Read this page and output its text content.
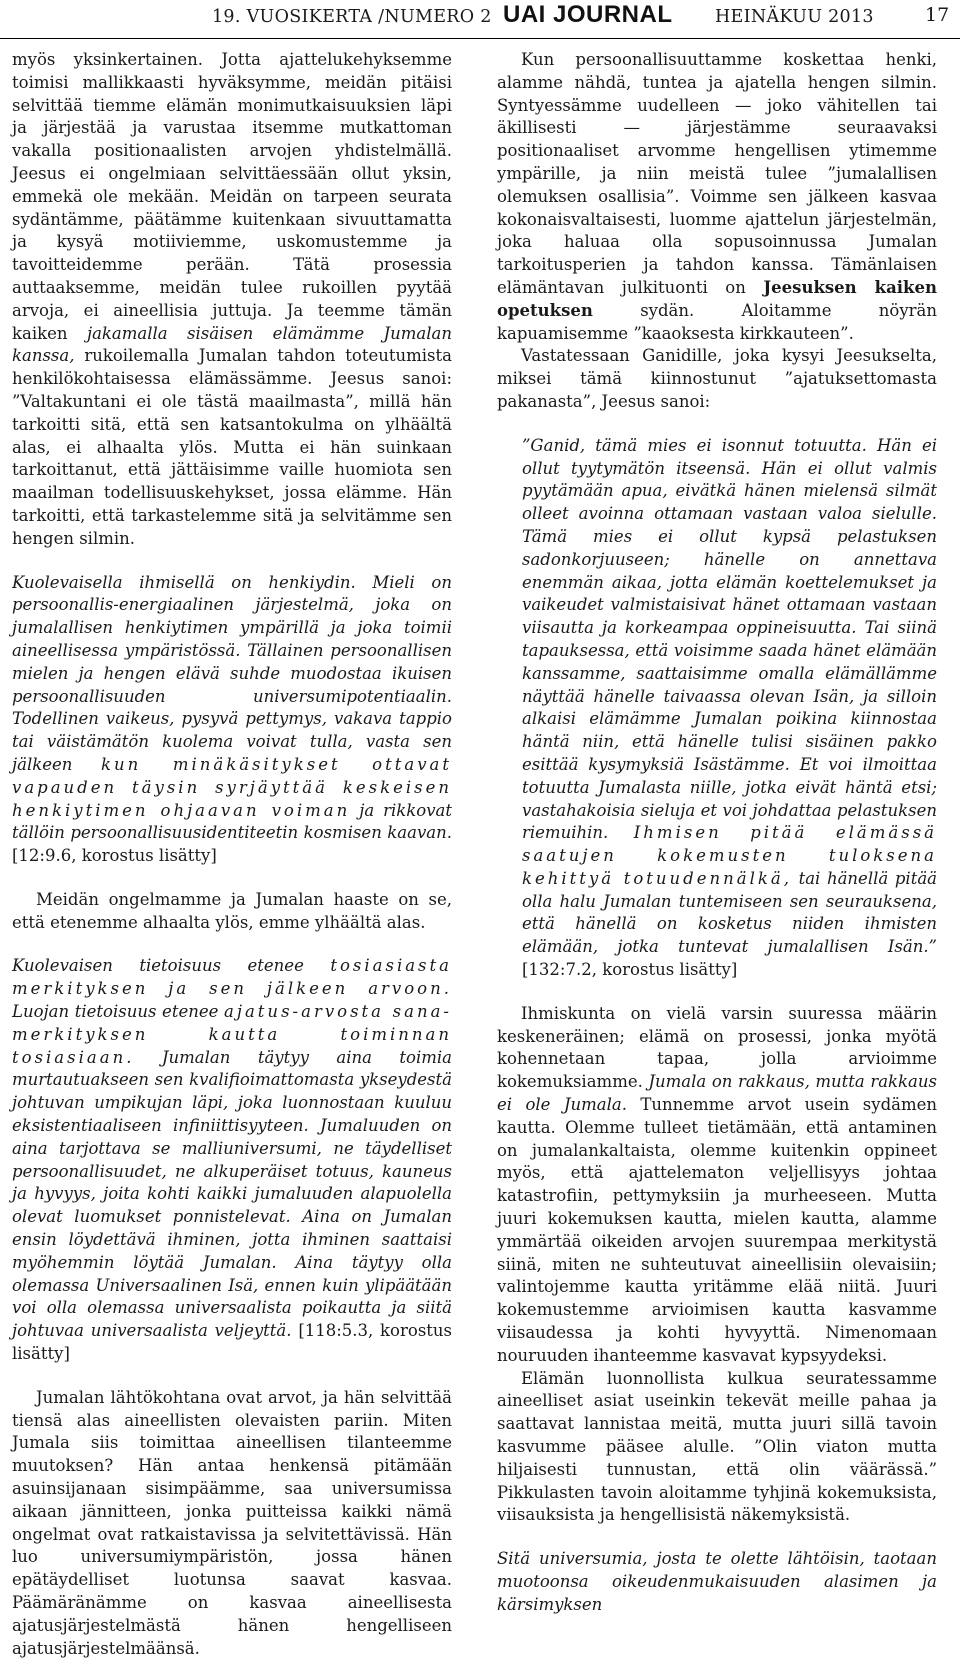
19. VUOSIKERTA /NUMERO 2 UAI JOURNAL HEINÄKUU 2013	17

myös yksinkertainen. Jotta ajattelukehyksemme toimisi mallikkaasti hyväksymme, meidän pitäisi selvittää tiemme elämän monimutkaisuuksien läpi ja järjestää ja varustaa itsemme mutkattoman vakalla positionaalisten arvojen yhdistelmällä. Jeesus ei ongelmiaan selvittäessään ollut yksin, emmekä ole mekään. Meidän on tarpeen seurata sydäntämme, päätämme kuitenkaan sivuuttamatta ja kysyä motiiviemme, uskomustemme ja tavoitteidemme perään. Tätä prosessia auttaaksemme, meidän tulee rukoillen pyytää arvoja, ei aineellisia juttuja. Ja teemme tämän kaiken jakamalla sisäisen elämämme Jumalan kanssa, rukoilemalla Jumalan tahdon toteutumista henkilökohtaisessa elämässämme. Jeesus sanoi: ”Valtakuntani ei ole tästä maailmasta”, millä hän tarkoitti sitä, että sen katsantokulma on ylhäältä alas, ei alhaalta ylös. Mutta ei hän suinkaan tarkoittanut, että jättäisimme vaille huomiota sen maailman todellisuuskehykset, jossa elämme. Hän tarkoitti, että tarkastelemme sitä ja selvitämme sen hengen silmin.

Kuolevaisella ihmisellä on henkiydin. Mieli on persoonallis-energiaalinen järjestelmä, joka on jumalallisen henkiytimen ympärillä ja joka toimii aineellisessa ympäristössä. Tällainen persoonallisen mielen ja hengen elävä suhde muodostaa ikuisen persoonallisuuden universumipotentiaalin. Todellinen vaikeus, pysyvä pettymys, vakava tappio tai väistämätön kuolema voivat tulla, vasta sen jälkeen kun minäkäsitykset ottavat vapauden täysin syrjäyttää keskeisen henkiytimen ohjaavan voiman ja rikkovat tällöin persoonallisuusidentiteetin kosmisen kaavan. [12:9.6, korostus lisätty]

Meidän ongelmamme ja Jumalan haaste on se, että etenemme alhaalta ylös, emme ylhäältä alas.

Kuolevaisen tietoisuus etenee tosiasiasta merkityksen ja sen jälkeen arvoon. Luojan tietoisuus etenee ajatus-arvosta sana-merkityksen kautta toiminnan tosiasiaan. Jumalan täytyy aina toimia murtautuakseen sen kvalifioimattomasta ykseydestä johtuvan umpikujan läpi, joka luonnostaan kuuluu eksistentiaaliseen infiniittisyyteen. Jumaluuden on aina tarjottava se malliuniversumi, ne täydelliset persoonallisuudet, ne alkuperäiset totuus, kauneus ja hyvyys, joita kohti kaikki jumaluuden alapuolella olevat luomukset ponnistelevat. Aina on Jumalan ensin löydettävä ihminen, jotta ihminen saattaisi myöhemmin löytää Jumalan. Aina täytyy olla olemassa Universaalinen Isä, ennen kuin ylipäätään voi olla olemassa universaalista poikautta ja siitä johtuvaa universaalista veljeyttä. [118:5.3, korostus lisätty]

Jumalan lähtökohtana ovat arvot, ja hän selvittää tiensä alas aineellisten olevaisten pariin. Miten Jumala siis toimittaa aineellisen tilanteemme muutoksen? Hän antaa henkensä pitämään asuinsijanaan sisimpäämme, saa universumissa aikaan jännitteen, jonka puitteissa kaikki nämä ongelmat ovat ratkaistavissa ja selvitettävissä. Hän luo universumiympäristön, jossa hänen epätäydelliset luotunsa saavat kasvaa. Päämäränämme on kasvaa aineellisesta ajatusjärjestelmästä hänen hengelliseen ajatusjärjestelmäänsä.

Kun persoonallisuuttamme koskettaa henki, alamme nähdä, tuntea ja ajatella hengen silmin. Syntyessämme uudelleen — joko vähitellen tai äkillisesti — järjestämme seuraavaksi positionaaliset arvomme hengellisen ytimemme ympärille, ja niin meistä tulee ”jumalallisen olemuksen osallisia”. Voimme sen jälkeen kasvaa kokonaisvaltaisesti, luomme ajattelun järjestelmän, joka haluaa olla sopusoinnussa Jumalan tarkoitusperien ja tahdon kanssa. Tämänlaisen elämäntavan julkituonti on Jeesuksen kaiken opetuksen	sydän. Aloitamme nöyrän kapuamisemme ”kaaoksesta kirkkauteen”.

Vastatessaan Ganidille, joka kysyi Jeesukselta, miksei tämä kiinnostunut ”ajatuksettomasta pakanasta”, Jeesus sanoi:

”Ganid, tämä mies ei isonnut totuutta. Hän ei ollut tyytymätön itseensä. Hän ei ollut valmis pyytämään apua, eivätkä hänen mielensä silmät olleet avoinna ottamaan vastaan valoa sielulle. Tämä mies ei ollut kypsä pelastuksen sadonkorjuuseen; hänelle on annettava enemmän aikaa, jotta elämän koettelemukset ja vaikeudet valmistaisivat hänet ottamaan vastaan viisautta ja korkeampaa oppineisuutta. Tai siinä tapauksessa, että voisimme saada hänet elämään kanssamme, saattaisimme omalla elämällämme näyttää hänelle taivaassa olevan Isän, ja silloin alkaisi elämämme Jumalan poikina kiinnostaa häntä niin, että hänelle tulisi sisäinen pakko esittää kysymyksiä Isästämme. Et voi ilmoittaa totuutta Jumalasta niille, jotka eivät häntä etsi; vastahakoisia sieluja et voi johdattaa pelastuksen riemuihin. Ihmisen pitää elämässä saatujen kokemusten tuloksena kehittyä totuudennälkä, tai hänellä pitää olla halu Jumalan tuntemiseen sen seurauksena, että hänellä on kosketus niiden ihmisten elämään, jotka tuntevat jumalallisen Isän.” [132:7.2, korostus lisätty]

Ihmiskunta on vielä varsin suuressa määrin keskeneräinen; elämä on prosessi, jonka myötä kohennetaan tapaa, jolla arvioimme kokemuksiamme. Jumala on rakkaus, mutta rakkaus ei ole Jumala. Tunnemme arvot usein sydämen kautta. Olemme tulleet tietämään, että antaminen on jumalankaltaista, olemme kuitenkin oppineet myös, että ajattelematon veljellisyys johtaa katastrofiin, pettymyksiin ja murheeseen. Mutta juuri kokemuksen kautta, mielen kautta, alamme ymmärtää oikeiden arvojen suurempaa merkitystä siinä, miten ne suhteutuvat aineellisiin olevaisiin; valintojemme kautta yritämme elää niitä. Juuri kokemustemme arvioimisen kautta kasvamme viisaudessa ja kohti hyvyyttä. Nimenomaan nouruuden ihanteemme kasvavat kypsyydeksi.

Elämän luonnollista kulkua seuratessamme aineelliset asiat useinkin tekevät meille pahaa ja saattavat lannistaa meitä, mutta juuri sillä tavoin kasvumme pääsee alulle. ”Olin viaton mutta hiljaisesti tunnustan, että olin väärässä.” Pikkulasten tavoin aloitamme tyhjinä kokemuksista, viisauksista ja hengellisistä näkemyksistä.

Sitä universumia, josta te olette lähtöisin, taotaan muotoonsa oikeudenmukaisuuden alasimen ja kärsimyksen
